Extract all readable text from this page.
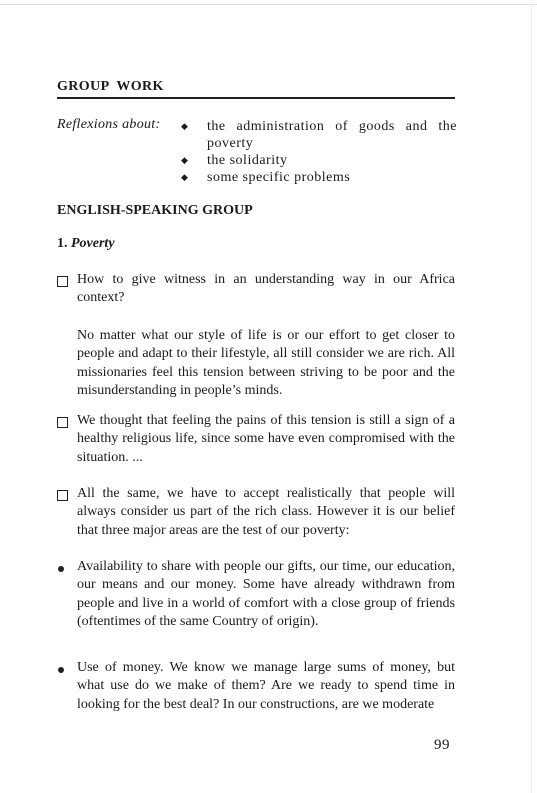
GROUP  WORK
Reflexions about: ◆ the administration of goods and the poverty
◆ the solidarity
◆ some specific problems
ENGLISH-SPEAKING GROUP
1. Poverty

How to give witness in an understanding way in our Africa context?

No matter what our style of life is or our effort to get closer to people and adapt to their lifestyle, all still consider we are rich. All missionaries feel this tension between striving to be poor and the misunderstanding in people’s minds.

We thought that feeling the pains of this tension is still a sign of a healthy religious life, since some have even compromised with the situation. ...

All the same, we have to accept realistically that people will always consider us part of the rich class. However it is our belief that three major areas are the test of our poverty:

Availability to share with people our gifts, our time, our education, our means and our money. Some have already withdrawn from people and live in a world of comfort with a close group of friends (oftentimes of the same Country of origin).

Use of money. We know we manage large sums of money, but what use do we make of them? Are we ready to spend time in looking for the best deal? In our constructions, are we moderate

99
